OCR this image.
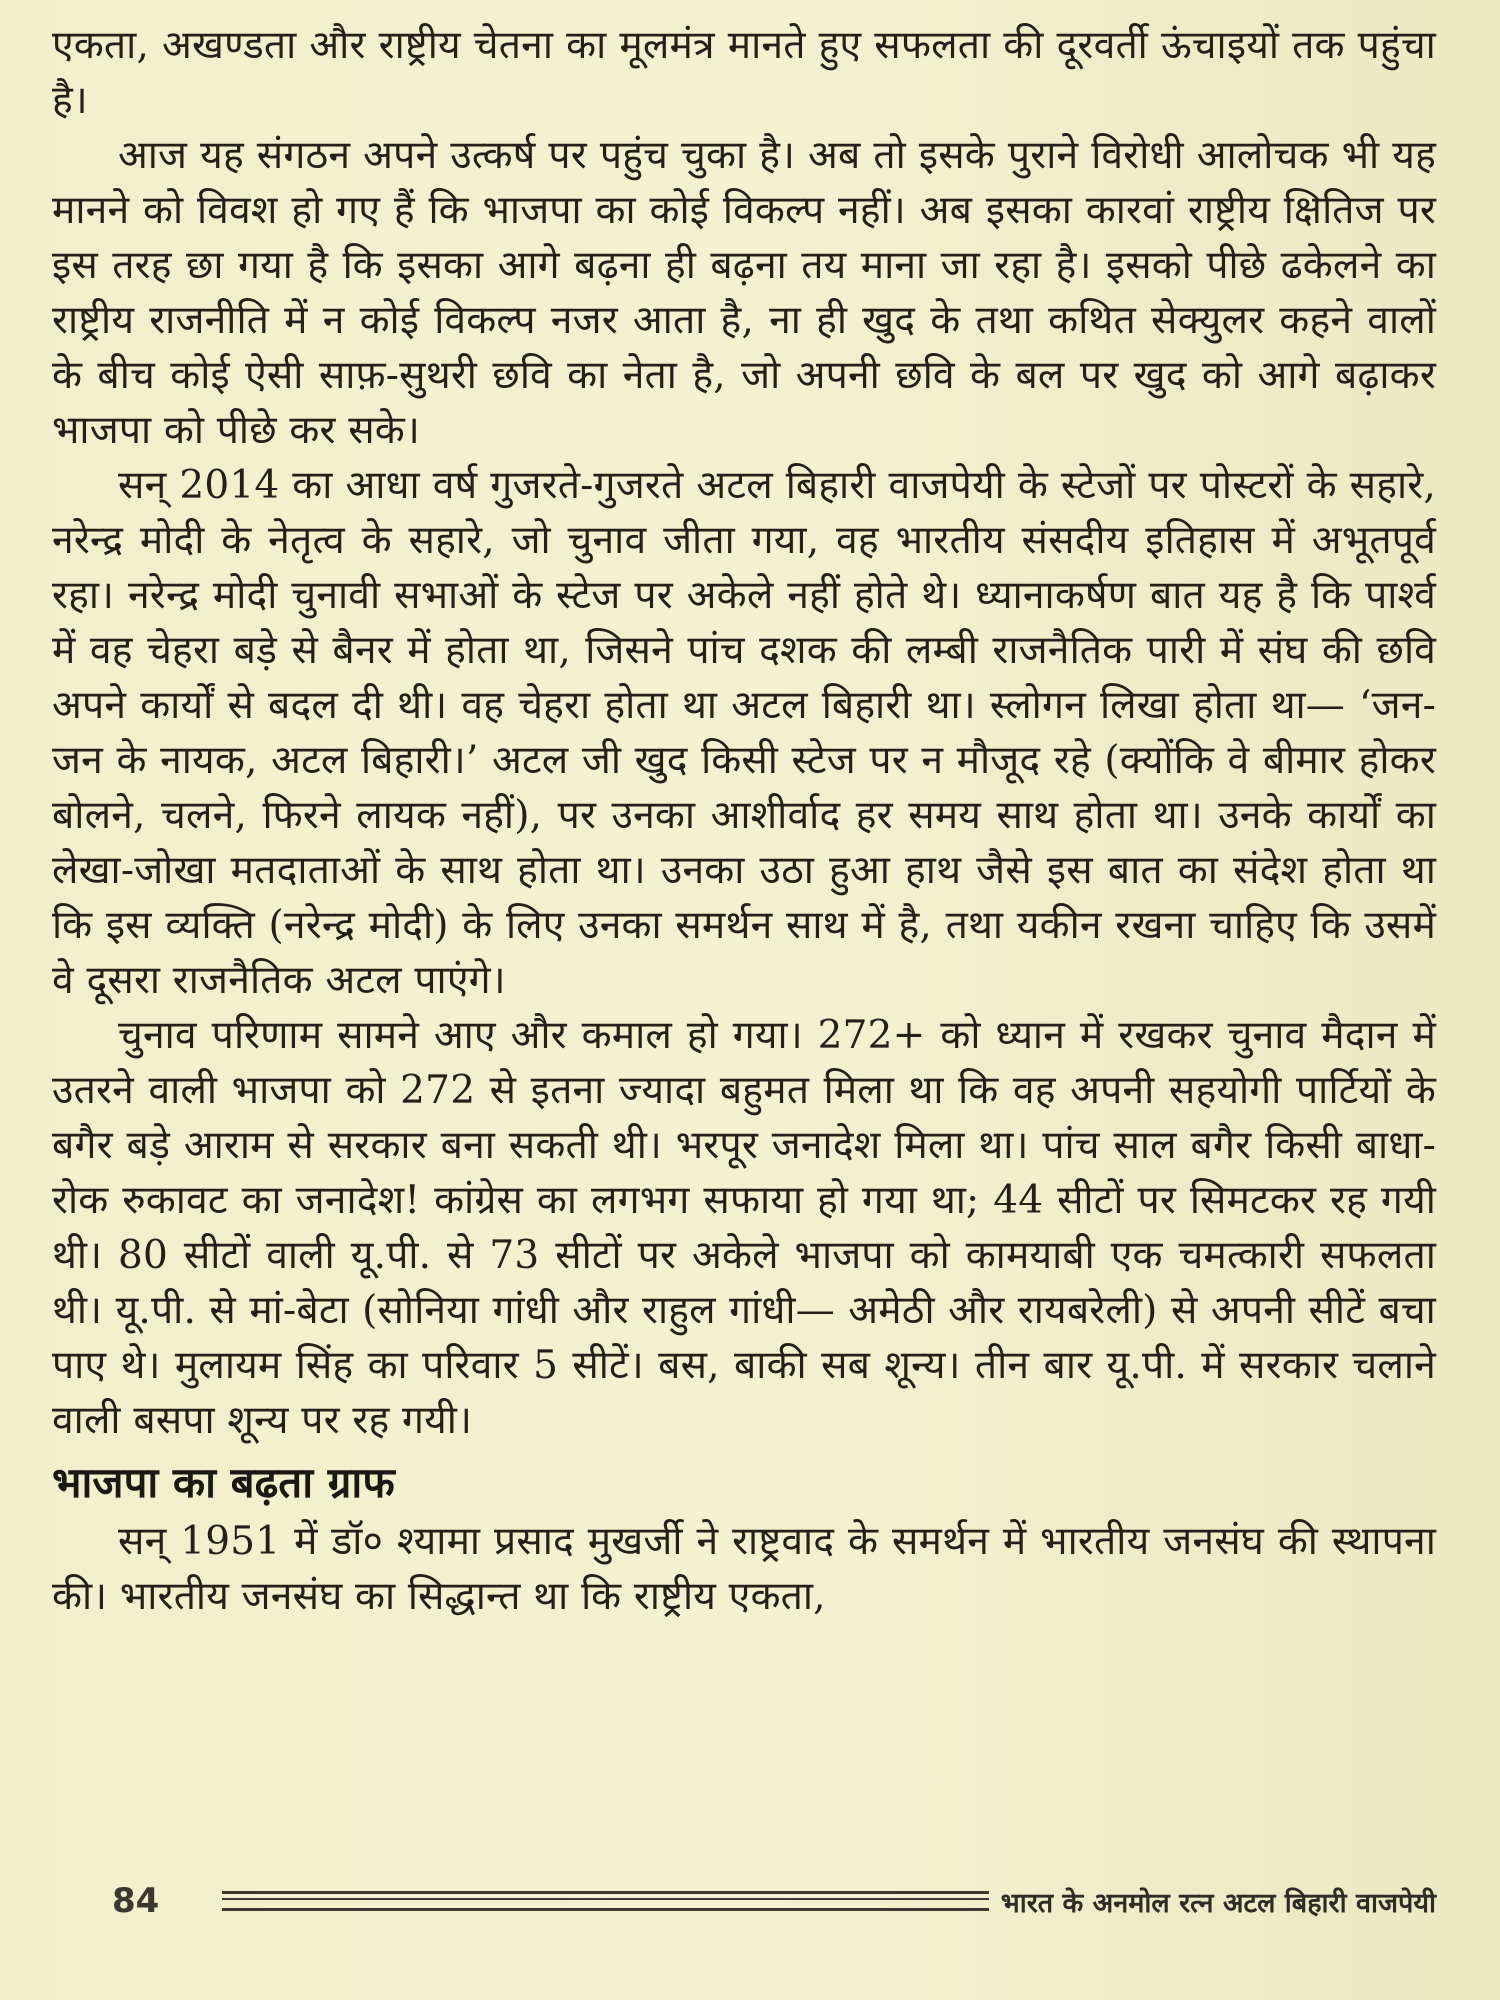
एकता, अखण्डता और राष्ट्रीय चेतना का मूलमंत्र मानते हुए सफलता की दूरवर्ती ऊंचाइयों तक पहुंचा है।

आज यह संगठन अपने उत्कर्ष पर पहुंच चुका है। अब तो इसके पुराने विरोधी आलोचक भी यह मानने को विवश हो गए हैं कि भाजपा का कोई विकल्प नहीं। अब इसका कारवां राष्ट्रीय क्षितिज पर इस तरह छा गया है कि इसका आगे बढ़ना ही बढ़ना तय माना जा रहा है। इसको पीछे ढकेलने का राष्ट्रीय राजनीति में न कोई विकल्प नजर आता है, ना ही खुद के तथा कथित सेक्युलर कहने वालों के बीच कोई ऐसी साफ़-सुथरी छवि का नेता है, जो अपनी छवि के बल पर खुद को आगे बढ़ाकर भाजपा को पीछे कर सके।

सन् 2014 का आधा वर्ष गुजरते-गुजरते अटल बिहारी वाजपेयी के स्टेजों पर पोस्टरों के सहारे, नरेन्द्र मोदी के नेतृत्व के सहारे, जो चुनाव जीता गया, वह भारतीय संसदीय इतिहास में अभूतपूर्व रहा। नरेन्द्र मोदी चुनावी सभाओं के स्टेज पर अकेले नहीं होते थे। ध्यानाकर्षण बात यह है कि पार्श्व में वह चेहरा बड़े से बैनर में होता था, जिसने पांच दशक की लम्बी राजनैतिक पारी में संघ की छवि अपने कार्यों से बदल दी थी। वह चेहरा होता था अटल बिहारी था। स्लोगन लिखा होता था— ‘जन-जन के नायक, अटल बिहारी।’ अटल जी खुद किसी स्टेज पर न मौजूद रहे (क्योंकि वे बीमार होकर बोलने, चलने, फिरने लायक नहीं), पर उनका आशीर्वाद हर समय साथ होता था। उनके कार्यों का लेखा-जोखा मतदाताओं के साथ होता था। उनका उठा हुआ हाथ जैसे इस बात का संदेश होता था कि इस व्यक्ति (नरेन्द्र मोदी) के लिए उनका समर्थन साथ में है, तथा यकीन रखना चाहिए कि उसमें वे दूसरा राजनैतिक अटल पाएंगे।

चुनाव परिणाम सामने आए और कमाल हो गया। 272+ को ध्यान में रखकर चुनाव मैदान में उतरने वाली भाजपा को 272 से इतना ज्यादा बहुमत मिला था कि वह अपनी सहयोगी पार्टियों के बगैर बड़े आराम से सरकार बना सकती थी। भरपूर जनादेश मिला था। पांच साल बगैर किसी बाधा-रोक रुकावट का जनादेश! कांग्रेस का लगभग सफाया हो गया था; 44 सीटों पर सिमटकर रह गयी थी। 80 सीटों वाली यू.पी. से 73 सीटों पर अकेले भाजपा को कामयाबी एक चमत्कारी सफलता थी। यू.पी. से मां-बेटा (सोनिया गांधी और राहुल गांधी— अमेठी और रायबरेली) से अपनी सीटें बचा पाए थे। मुलायम सिंह का परिवार 5 सीटें। बस, बाकी सब शून्य। तीन बार यू.पी. में सरकार चलाने वाली बसपा शून्य पर रह गयी।

भाजपा का बढ़ता ग्राफ

सन् 1951 में डॉ० श्यामा प्रसाद मुखर्जी ने राष्ट्रवाद के समर्थन में भारतीय जनसंघ की स्थापना की। भारतीय जनसंघ का सिद्धान्त था कि राष्ट्रीय एकता,

84	भारत के अनमोल रत्न अटल बिहारी वाजपेयी
